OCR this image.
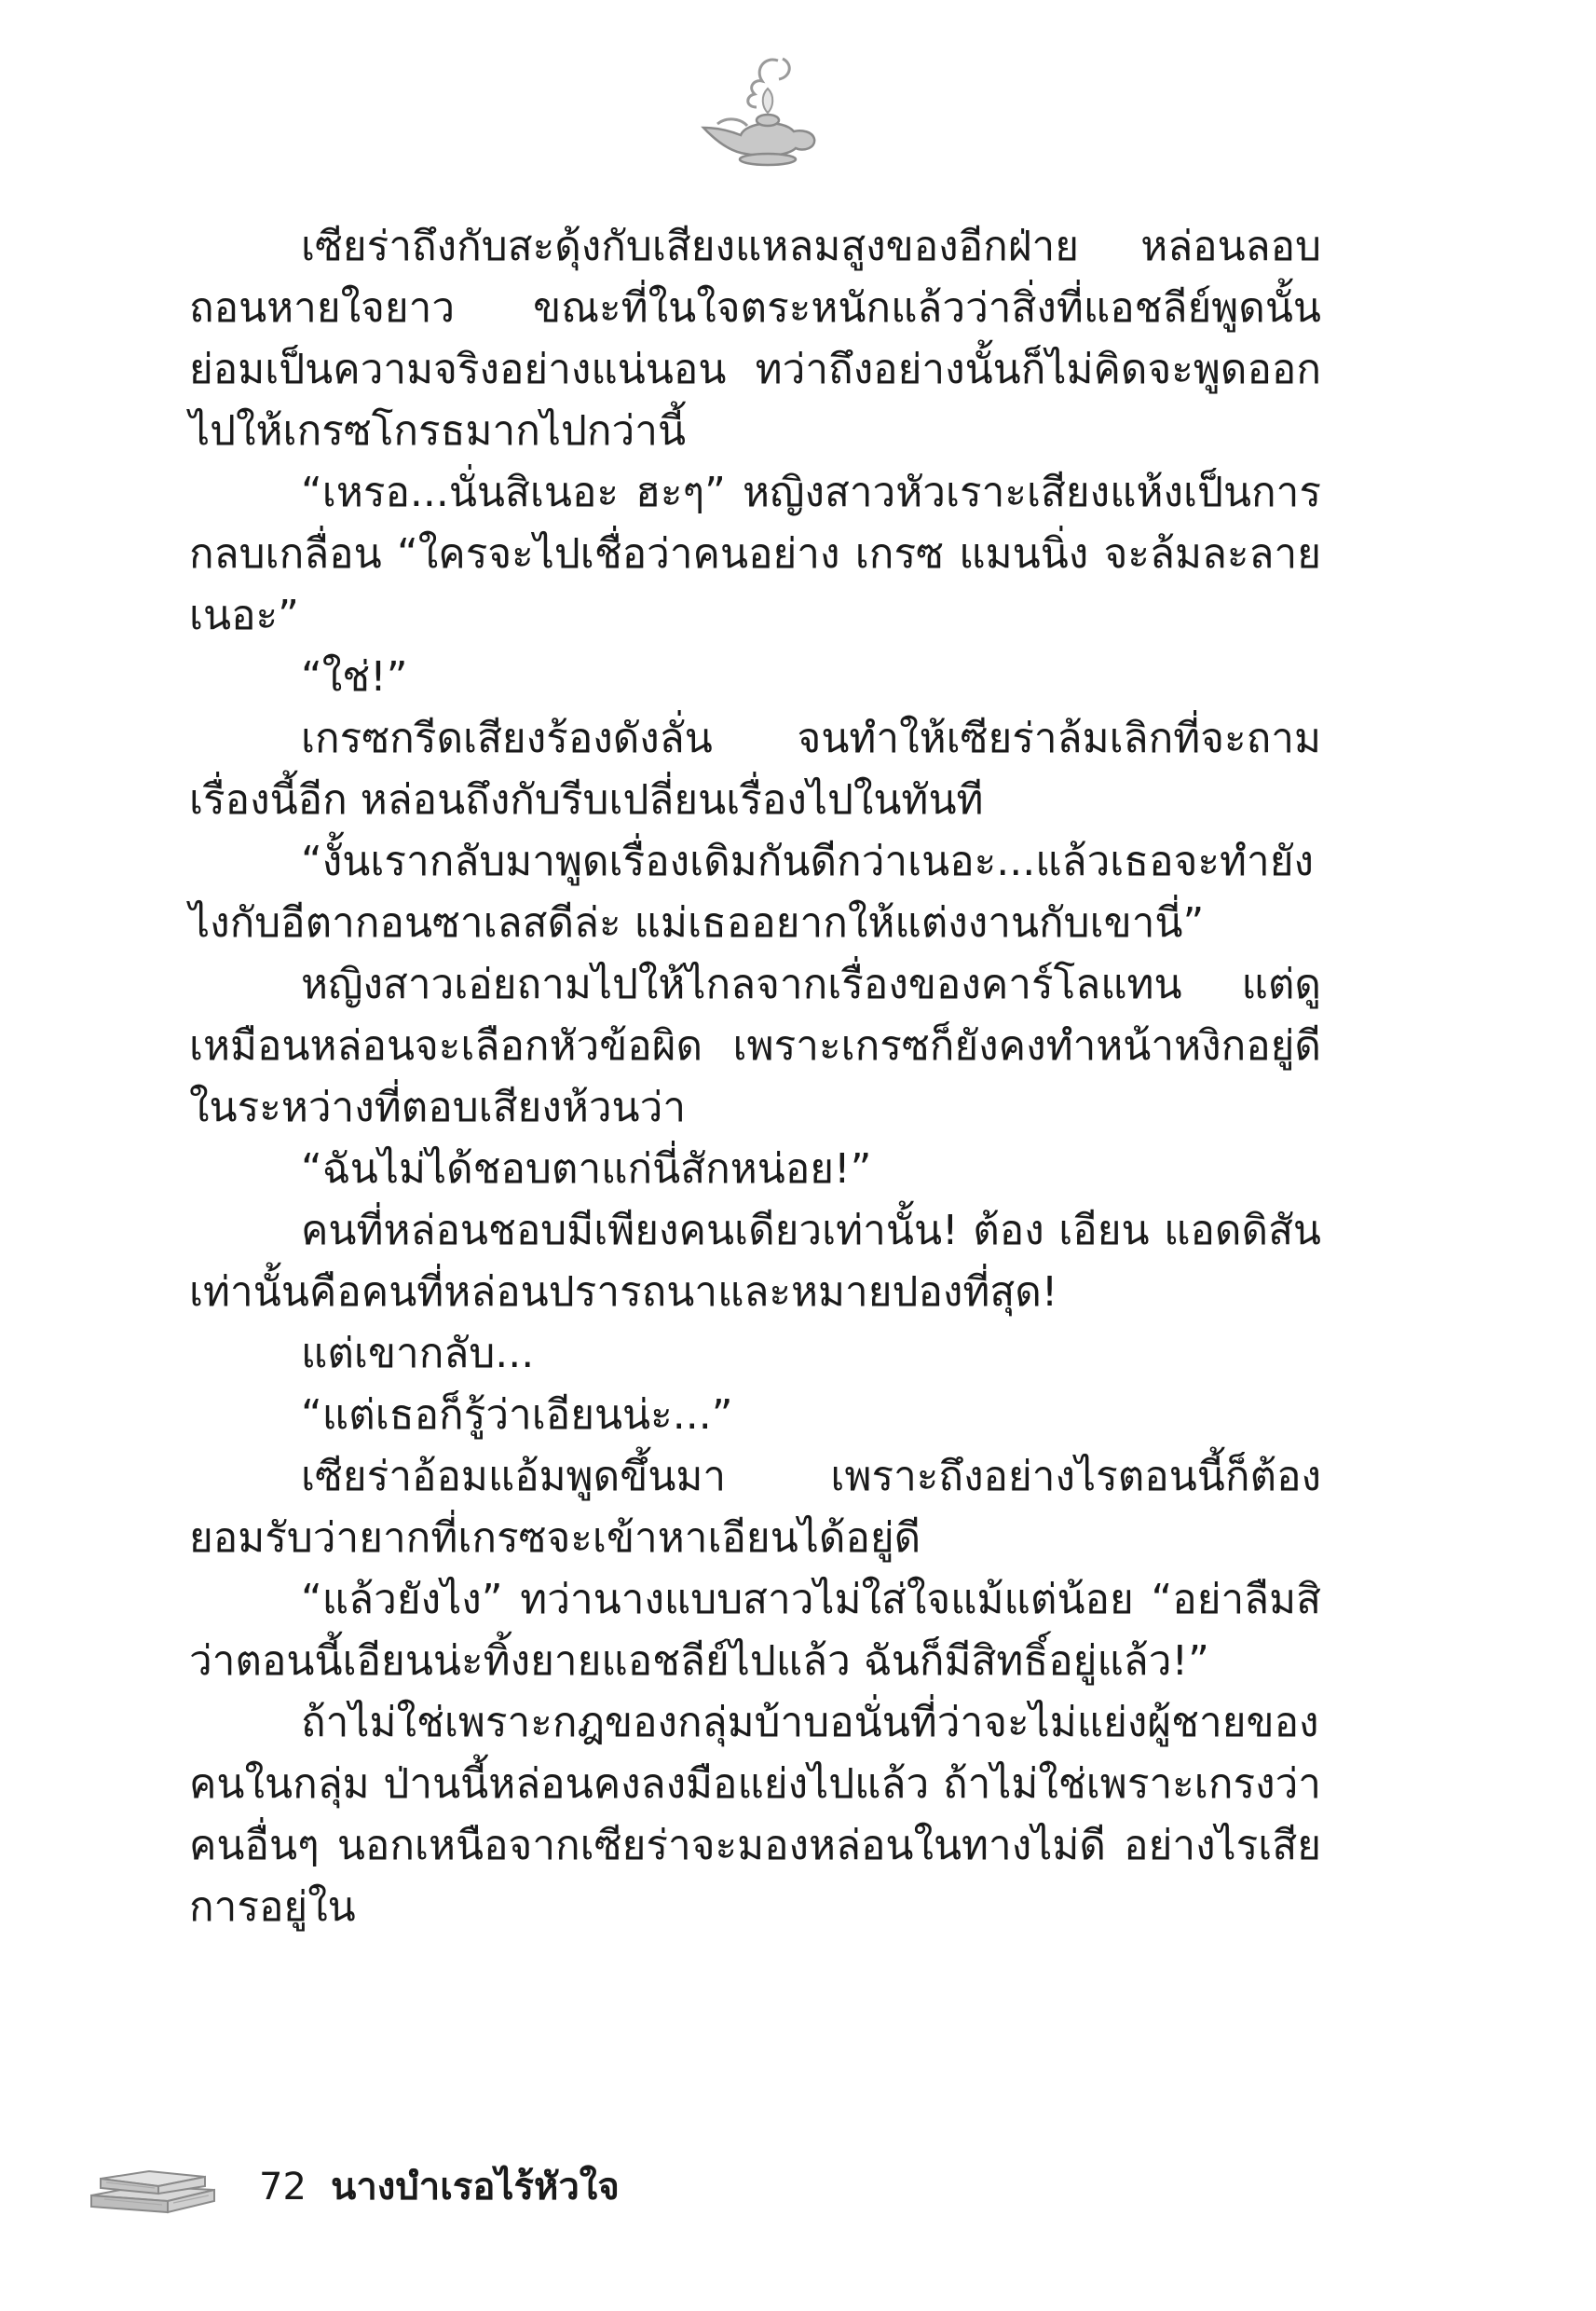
เซียร่าถึงกับสะดุ้งกับเสียงแหลมสูงของอีกฝ่าย หล่อนลอบถอนหายใจยาว ขณะที่ในใจตระหนักแล้วว่าสิ่งที่แอชลีย์พูดนั้นย่อมเป็นความจริงอย่างแน่นอน ทว่าถึงอย่างนั้นก็ไม่คิดจะพูดออกไปให้เกรซโกรธมากไปกว่านี้

“เหรอ...นั่นสิเนอะ ฮะๆ” หญิงสาวหัวเราะเสียงแห้งเป็นการกลบเกลื่อน “ใครจะไปเชื่อว่าคนอย่าง เกรซ แมนนิ่ง จะล้มละลายเนอะ”

“ใช่!”

เกรซกรีดเสียงร้องดังลั่น จนทำให้เซียร่าล้มเลิกที่จะถามเรื่องนี้อีก หล่อนถึงกับรีบเปลี่ยนเรื่องไปในทันที

“งั้นเรากลับมาพูดเรื่องเดิมกันดีกว่าเนอะ...แล้วเธอจะทำยังไงกับอีตากอนซาเลสดีล่ะ แม่เธออยากให้แต่งงานกับเขานี่”

หญิงสาวเอ่ยถามไปให้ไกลจากเรื่องของคาร์โลแทน แต่ดูเหมือนหล่อนจะเลือกหัวข้อผิด เพราะเกรซก็ยังคงทำหน้าหงิกอยู่ดีในระหว่างที่ตอบเสียงห้วนว่า

“ฉันไม่ได้ชอบตาแก่นี่สักหน่อย!”

คนที่หล่อนชอบมีเพียงคนเดียวเท่านั้น! ต้อง เอียน แอดดิสัน เท่านั้นคือคนที่หล่อนปรารถนาและหมายปองที่สุด!

แต่เขากลับ...

“แต่เธอก็รู้ว่าเอียนน่ะ...”

เซียร่าอ้อมแอ้มพูดขึ้นมา เพราะถึงอย่างไรตอนนี้ก็ต้องยอมรับว่ายากที่เกรซจะเข้าหาเอียนได้อยู่ดี

“แล้วยังไง” ทว่านางแบบสาวไม่ใส่ใจแม้แต่น้อย “อย่าลืมสิว่าตอนนี้เอียนน่ะทิ้งยายแอชลีย์ไปแล้ว ฉันก็มีสิทธิ์อยู่แล้ว!”

ถ้าไม่ใช่เพราะกฎของกลุ่มบ้าบอนั่นที่ว่าจะไม่แย่งผู้ชายของคนในกลุ่ม ป่านนี้หล่อนคงลงมือแย่งไปแล้ว ถ้าไม่ใช่เพราะเกรงว่าคนอื่นๆ นอกเหนือจากเซียร่าจะมองหล่อนในทางไม่ดี อย่างไรเสียการอยู่ใน

72 นางบำเรอไร้หัวใจ
